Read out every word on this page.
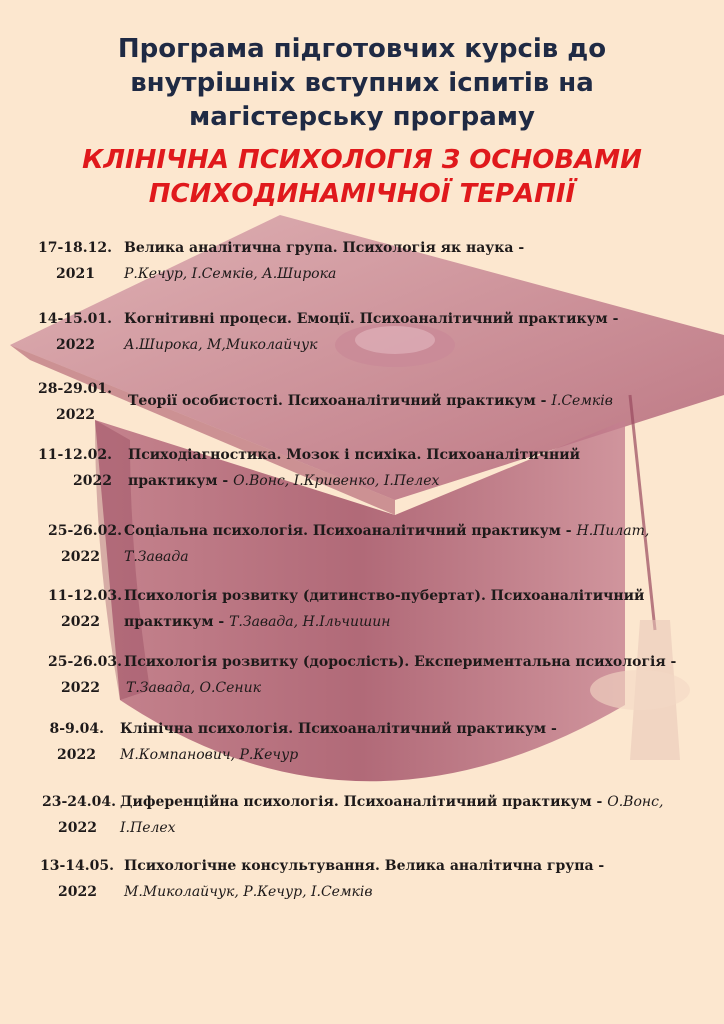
Програма підготовчих курсів до
внутрішніх вступних іспитів на
магістерську програму
КЛІНІЧНА ПСИХОЛОГІЯ З ОСНОВАМИ
ПСИХОДИНАМІЧНОЇ ТЕРАПІЇ
17-18.12.
2021
Велика аналітична група. Психологія як наука -
Р.Кечур, І.Семків, А.Широка
14-15.01.
2022
Когнітивні процеси. Емоції. Психоаналітичний практикум -
А.Широка, М,Миколайчук
28-29.01.
2022
Теорії особистості. Психоаналітичний практикум - І.Семків
11-12.02.
2022
Психодіагностика. Мозок і психіка. Психоаналітичний
практикум - О.Вонс, І.Кривенко, І.Пелех
25-26.02.
2022
Соціальна психологія. Психоаналітичний практикум - Н.Пилат,
Т.Завада
11-12.03.
2022
Психологія розвитку (дитинство-пубертат). Психоаналітичний
практикум - Т.Завада, Н.Ільчишин
25-26.03.
2022
Психологія розвитку (дорослість). Експериментальна психологія -
Т.Завада, О.Сеник
8-9.04.
2022
Клінічна психологія. Психоаналітичний практикум -
М.Компанович, Р.Кечур
23-24.04.
2022
Диференційна психологія. Психоаналітичний практикум - О.Вонс,
І.Пелех
13-14.05.
2022
Психологічне консультування. Велика аналітична група -
М.Миколайчук, Р.Кечур, І.Семків
